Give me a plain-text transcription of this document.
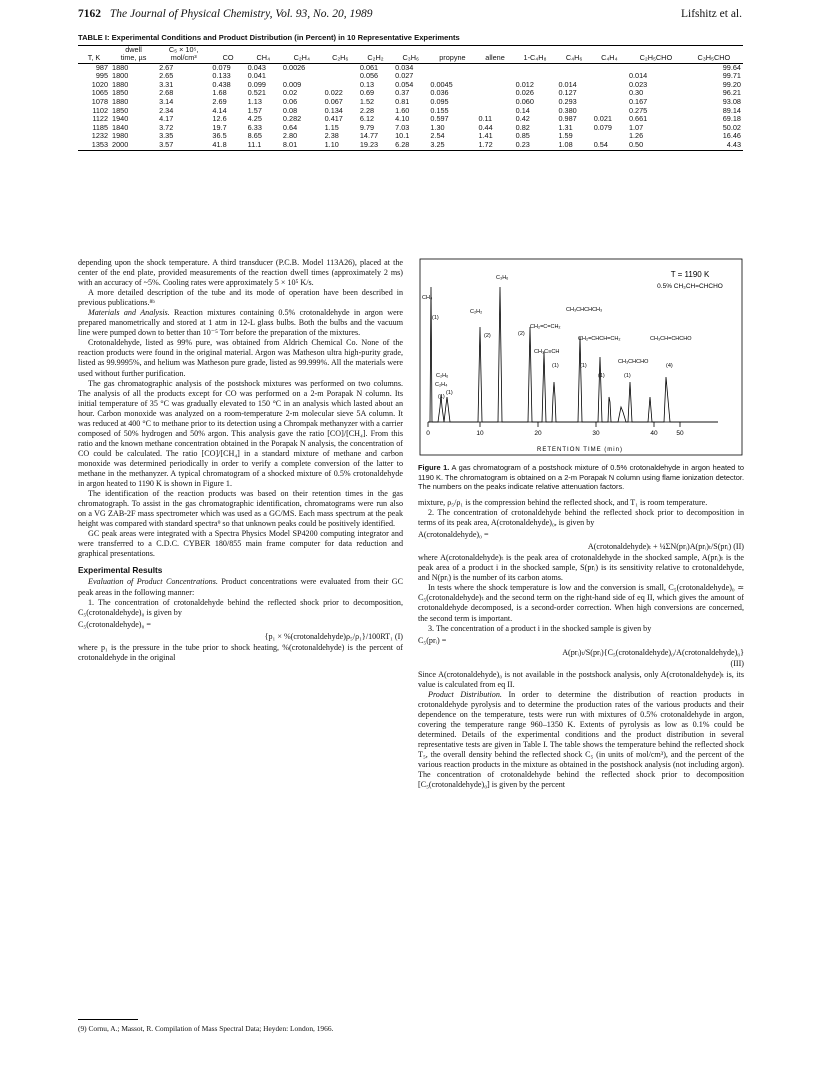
7162 The Journal of Physical Chemistry, Vol. 93, No. 20, 1989	Lifshitz et al.
TABLE I: Experimental Conditions and Product Distribution (in Percent) in 10 Representative Experiments
	dwell	C₅ × 10⁵,													
T, K	time, µs	mol/cm³	CO	CH₄	C₂H₄	C₂H₆	C₂H₂	C₃H₆	propyne	allene	1-C₄H₈	C₄H₆	C₄H₄	C₂H₅CHO	C₃H₅CHO
987	1880	2.67	0.079	0.043	0.0026		0.061	0.034							99.64
995	1800	2.65	0.133	0.041			0.056	0.027						0.014	99.71
1020	1880	3.31	0.438	0.099	0.009		0.13	0.054	0.0045		0.012	0.014		0.023	99.20
1065	1850	2.68	1.68	0.521	0.02	0.022	0.69	0.37	0.036		0.026	0.127		0.30	96.21
1078	1880	3.14	2.69	1.13	0.06	0.067	1.52	0.81	0.095		0.060	0.293		0.167	93.08
1102	1850	2.34	4.14	1.57	0.08	0.134	2.28	1.60	0.155		0.14	0.380		0.275	89.14
1122	1940	4.17	12.6	4.25	0.282	0.417	6.12	4.10	0.597	0.11	0.42	0.987	0.021	0.661	69.18
1185	1840	3.72	19.7	6.33	0.64	1.15	9.79	7.03	1.30	0.44	0.82	1.31	0.079	1.07	50.02
1232	1980	3.35	36.5	8.65	2.80	2.38	14.77	10.1	2.54	1.41	0.85	1.59		1.26	16.46
1353	2000	3.57	41.8	11.1	8.01	1.10	19.23	6.28	3.25	1.72	0.23	1.08	0.54	0.50	4.43

depending upon the shock temperature. A third transducer (P.C.B. Model 113A26), placed at the center of the end plate, provided measurements of the reaction dwell times (approximately 2 ms) with an accuracy of ~5%. Cooling rates were approximately 5 × 10⁵ K/s.

A more detailed description of the tube and its mode of operation have been described in previous publications.⁸ᵇ

Materials and Analysis. Reaction mixtures containing 0.5% crotonaldehyde in argon were prepared manometrically and stored at 1 atm in 12-L glass bulbs. Both the bulbs and the vacuum line were pumped down to better than 10⁻⁵ Torr before the preparation of the mixtures.

Crotonaldehyde, listed as 99% pure, was obtained from Aldrich Chemical Co. None of the reaction products were found in the original material. Argon was Matheson ultra high-purity grade, listed as 99.9995%, and helium was Matheson pure grade, listed as 99.999%. All the materials were used without further purification.

The gas chromatographic analysis of the postshock mixtures was performed on two columns. The analysis of all the products except for CO was performed on a 2-m Porapak N column. Its initial temperature of 35 °C was gradually elevated to 150 °C in an analysis which lasted about an hour. Carbon monoxide was analyzed on a room-temperature 2-m molecular sieve 5A column. It was reduced at 400 °C to methane prior to its detection using a Chrompak methanyzer with a carrier composed of 50% hydrogen and 50% argon. This analysis gave the ratio [CO]/[CH₄]. From this ratio and the known methane concentration obtained in the Porapak N analysis, the concentration of CO could be calculated. The ratio [CO]/[CH₄] in a standard mixture of methane and carbon monoxide was determined periodically in order to verify a complete conversion of the latter to methane in the methanyzer. A typical chromatogram of a shocked mixture of 0.5% crotonaldehyde in argon heated to 1190 K is shown in Figure 1.

The identification of the reaction products was based on their retention times in the gas chromatograph. To assist in the gas chromatographic identification, chromatograms were run also on a VG ZAB-2F mass spectrometer which was used as a GC/MS. Each mass spectrum at the peak height was compared with standard spectra⁹ so that unknown peaks could be positively identified.

GC peak areas were integrated with a Spectra Physics Model SP4200 computing integrator and were transferred to a C.D.C. CYBER 180/855 main frame computer for data reduction and graphical presentations.

Experimental Results

Evaluation of Product Concentrations. Product concentrations were evaluated from their GC peak areas in the following manner:

1. The concentration of crotonaldehyde behind the reflected shock prior to decomposition, C₅(crotonaldehyde)₀ is given by

C₅(crotonaldehyde)₀ =
{p₁ × %(crotonaldehyde)ρ₅/ρ₁}/100RT₁ (I)

where p₁ is the pressure in the tube prior to shock heating, %(crotonaldehyde) is the percent of crotonaldehyde in the original

(9) Cornu, A.; Massot, R. Compilation of Mass Spectral Data; Heyden: London, 1966.
T = 1190 K
0.5% CH₃CH=CHCHO
CH₄
C₂H₂
C₃H₆
CH₃CHCHCH₃
CH₂=C=CH₂
CH₂=CHCH=CH₂	CH₃CH=CHCHO
CH₃C≡CH
C₂H₆
C₂H₄
CH₃CHCHO
(1)
(1)
(1)
(2)	(2)
(1)	(1)
(1)	(1)
(4)
0	10	20	30	40	50
RETENTION TIME (min)
Figure 1. A gas chromatogram of a postshock mixture of 0.5% crotonaldehyde in argon heated to 1190 K. The chromatogram is obtained on a 2-m Porapak N column using flame ionization detector. The numbers on the peaks indicate relative attenuation factors.

mixture, ρ₅/ρ₁ is the compression behind the reflected shock, and T₁ is room temperature.

2. The concentration of crotonaldehyde behind the reflected shock prior to decomposition in terms of its peak area, A(crotonaldehyde)₀, is given by

A(crotonaldehyde)₀ =
A(crotonaldehyde)ₜ + ¼ΣN(prᵢ)A(prᵢ)ₜ/S(prᵢ) (II)

where A(crotonaldehyde)ₜ is the peak area of crotonaldehyde in the shocked sample, A(prᵢ)ₜ is the peak area of a product i in the shocked sample, S(prᵢ) is its sensitivity relative to crotonaldehyde, and N(prᵢ) is the number of its carbon atoms.

In tests where the shock temperature is low and the conversion is small, C₅(crotonaldehyde)₀ ≃ C₅(crotonaldehyde)ₜ and the second term on the right-hand side of eq II, which gives the amount of crotonaldehyde decomposed, is a second-order correction. When high conversions are concerned, the second term is important.

3. The concentration of a product i in the shocked sample is given by

C₅(prᵢ) =
A(prᵢ)ₜ/S(prᵢ){C₅(crotonaldehyde)₀/A(crotonaldehyde)₀}
(III)

Since A(crotonaldehyde)₀ is not available in the postshock analysis, only A(crotonaldehyde)ₜ is, its value is calculated from eq II.

Product Distribution. In order to determine the distribution of reaction products in crotonaldehyde pyrolysis and to determine the production rates of the various products and their dependence on the temperature, tests were run with mixtures of 0.5% crotonaldehyde in argon, covering the temperature range 960–1350 K. Extents of pyrolysis as low as 0.1% could be determined. Details of the experimental conditions and the product distribution in several representative tests are given in Table I. The table shows the temperature behind the reflected shock T₅, the overall density behind the reflected shock C₅ (in units of mol/cm³), and the percent of the various reaction products in the mixture as obtained in the postshock analysis (not including argon). The concentration of crotonaldehyde behind the reflected shock prior to decomposition [C₅(crotonaldehyde)₀] is given by the percent
